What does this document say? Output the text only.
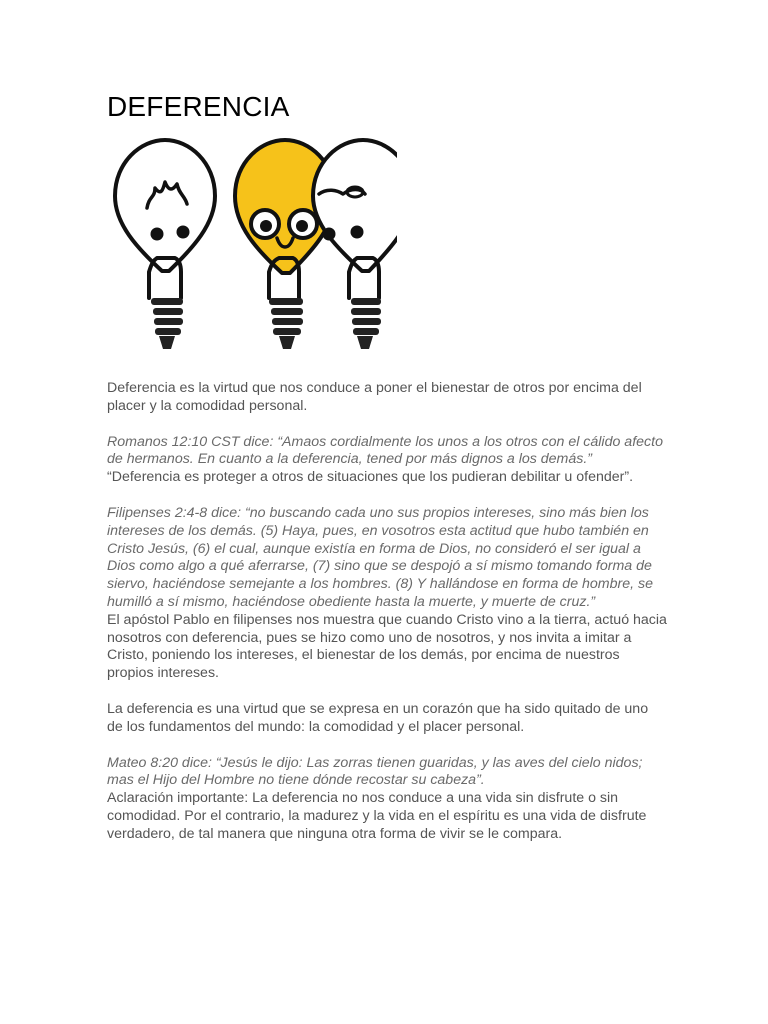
DEFERENCIA

Deferencia es la virtud que nos conduce a poner el bienestar de otros por encima del placer y la comodidad personal.

Romanos 12:10 CST dice: “Amaos cordialmente los unos a los otros con el cálido afecto de hermanos. En cuanto a la deferencia, tened por más dignos a los demás.”
“Deferencia es proteger a otros de situaciones que los pudieran debilitar u ofender”.

Filipenses 2:4-8 dice: “no buscando cada uno sus propios intereses, sino más bien los intereses de los demás. (5) Haya, pues, en vosotros esta actitud que hubo también en Cristo Jesús, (6) el cual, aunque existía en forma de Dios, no consideró el ser igual a Dios como algo a qué aferrarse, (7) sino que se despojó a sí mismo tomando forma de siervo, haciéndose semejante a los hombres. (8) Y hallándose en forma de hombre, se humilló a sí mismo, haciéndose obediente hasta la muerte, y muerte de cruz.”
El apóstol Pablo en filipenses nos muestra que cuando Cristo vino a la tierra, actuó hacia nosotros con deferencia, pues se hizo como uno de nosotros, y nos invita a imitar a Cristo, poniendo los intereses, el bienestar de los demás, por encima de nuestros propios intereses.

La deferencia es una virtud que se expresa en un corazón que ha sido quitado de uno de los fundamentos del mundo: la comodidad y el placer personal.

Mateo 8:20 dice: “Jesús le dijo: Las zorras tienen guaridas, y las aves del cielo nidos; mas el Hijo del Hombre no tiene dónde recostar su cabeza”.
Aclaración importante: La deferencia no nos conduce a una vida sin disfrute o sin comodidad. Por el contrario, la madurez y la vida en el espíritu es una vida de disfrute verdadero, de tal manera que ninguna otra forma de vivir se le compara.
